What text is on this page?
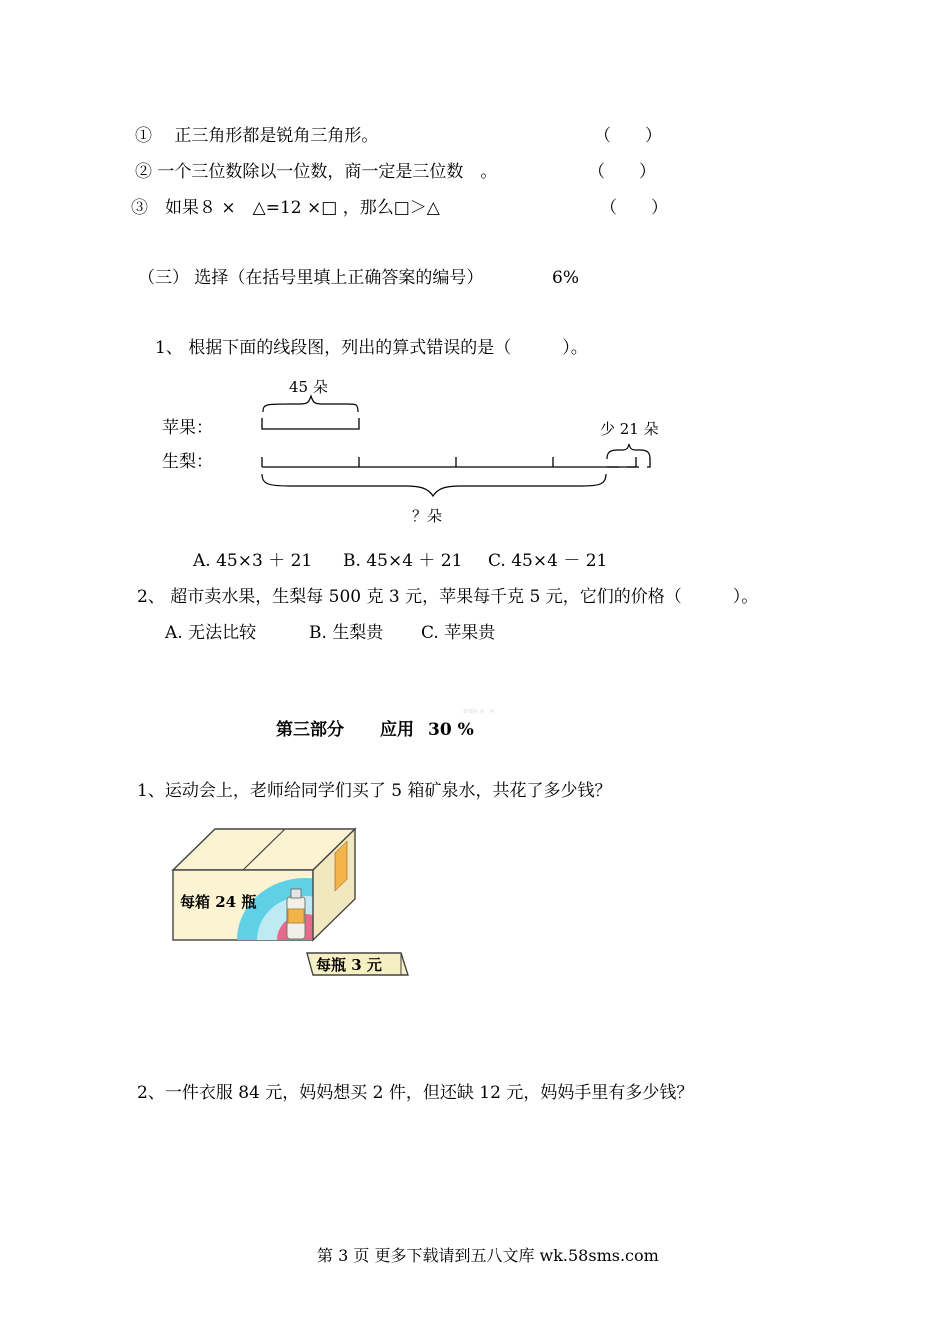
①　 正三角形都是锐角三角形。	（　　）
② 一个三位数除以一位数，商一定是三位数　。	（　　）
③　如果８ ×　△=12 ×□ ，那么□＞△	（　　）
（三） 选择（在括号里填上正确答案的编号）	6%
1、 根据下面的线段图，列出的算式错误的是（　　　）。
45 朵
苹果：
生梨：
少 21 朵
？朵
A. 45×3 ＋ 21 B. 45×4 ＋ 21 C. 45×4 － 21
2、 超市卖水果，生梨每 500 克 3 元，苹果每千克 5 元，它们的价格（　　　）。
A. 无法比较	B. 生梨贵 C. 苹果贵
新课标 第一网
第三部分 应用 30 %
1、运动会上，老师给同学们买了 5 箱矿泉水，共花了多少钱？
每箱 24 瓶
每瓶 3 元
2、一件衣服 84 元，妈妈想买 2 件，但还缺 12 元，妈妈手里有多少钱？
第 3 页 更多下载请到五八文库 wk.58sms.com
